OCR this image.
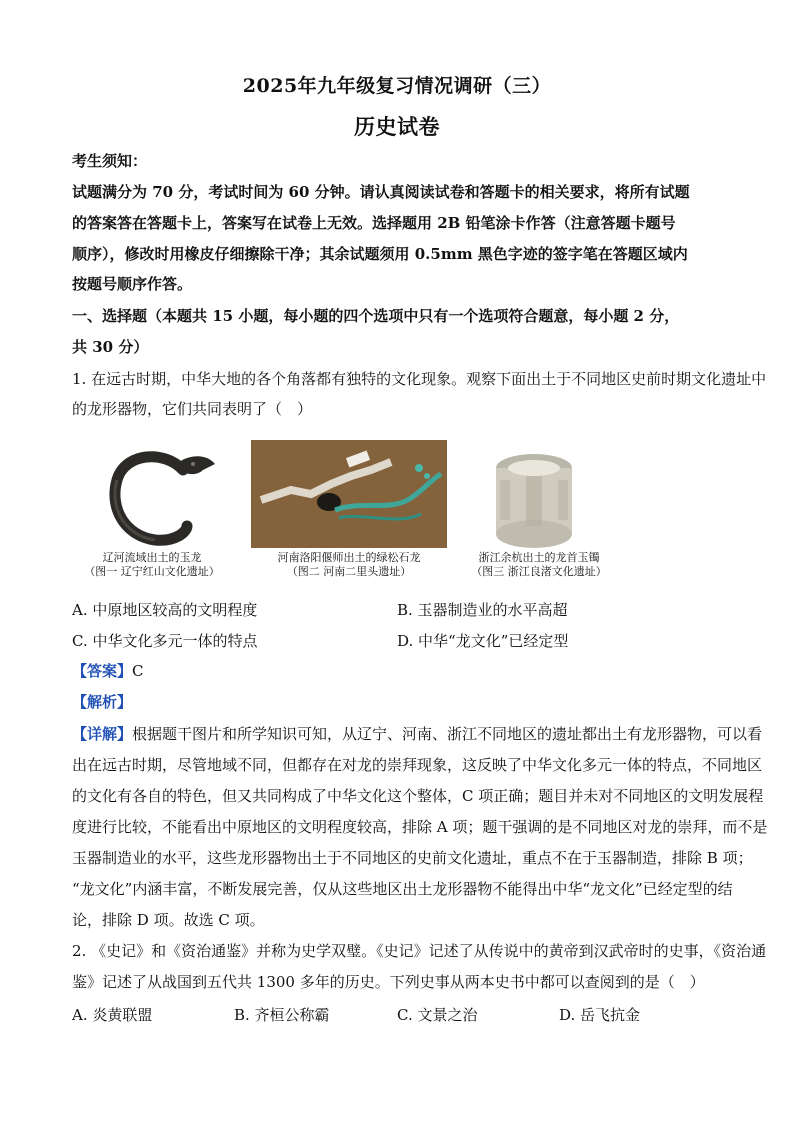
2025年九年级复习情况调研（三）
历史试卷
考生须知：
试题满分为 70 分，考试时间为 60 分钟。请认真阅读试卷和答题卡的相关要求，将所有试题
的答案答在答题卡上，答案写在试卷上无效。选择题用 2B 铅笔涂卡作答（注意答题卡题号
顺序），修改时用橡皮仔细擦除干净；其余试题须用 0.5mm 黑色字迹的签字笔在答题区域内
按题号顺序作答。
一、选择题（本题共 15 小题，每小题的四个选项中只有一个选项符合题意，每小题 2 分，
共 30 分）
1. 在远古时期，中华大地的各个角落都有独特的文化现象。观察下面出土于不同地区史前时期文化遗址中
的龙形器物，它们共同表明了（　）
辽河流域出土的玉龙
（图一 辽宁红山文化遗址）
河南洛阳偃师出土的绿松石龙
（图二 河南二里头遗址）
浙江余杭出土的龙首玉镯
（图三 浙江良渚文化遗址）
A. 中原地区较高的文明程度	B. 玉器制造业的水平高超
C. 中华文化多元一体的特点	D. 中华“龙文化”已经定型
【答案】C
【解析】
【详解】根据题干图片和所学知识可知，从辽宁、河南、浙江不同地区的遗址都出土有龙形器物，可以看
出在远古时期，尽管地域不同，但都存在对龙的崇拜现象，这反映了中华文化多元一体的特点，不同地区
的文化有各自的特色，但又共同构成了中华文化这个整体，C 项正确；题目并未对不同地区的文明发展程
度进行比较，不能看出中原地区的文明程度较高，排除 A 项；题干强调的是不同地区对龙的崇拜，而不是
玉器制造业的水平，这些龙形器物出土于不同地区的史前文化遗址，重点不在于玉器制造，排除 B 项；
“龙文化”内涵丰富，不断发展完善，仅从这些地区出土龙形器物不能得出中华“龙文化”已经定型的结
论，排除 D 项。故选 C 项。
2. 《史记》和《资治通鉴》并称为史学双璧。《史记》记述了从传说中的黄帝到汉武帝时的史事，《资治通
鉴》记述了从战国到五代共 1300 多年的历史。下列史事从两本史书中都可以查阅到的是（　）
A. 炎黄联盟	B. 齐桓公称霸	C. 文景之治	D. 岳飞抗金
